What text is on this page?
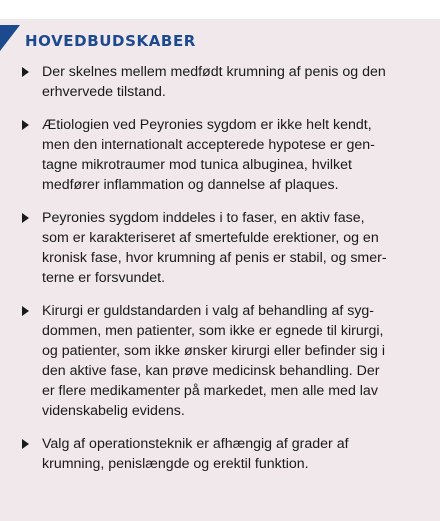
HOVEDBUDSKABER
Der skelnes mellem medfødt krumning af penis og den
erhvervede tilstand.
Ætiologien ved Peyronies sygdom er ikke helt kendt,
men den internationalt accepterede hypotese er gen-
tagne mikrotraumer mod tunica albuginea, hvilket
medfører inflammation og dannelse af plaques.
Peyronies sygdom inddeles i to faser, en aktiv fase,
som er karakteriseret af smertefulde erektioner, og en
kronisk fase, hvor krumning af penis er stabil, og smer-
terne er forsvundet.
Kirurgi er guldstandarden i valg af behandling af syg-
dommen, men patienter, som ikke er egnede til kirurgi,
og patienter, som ikke ønsker kirurgi eller befinder sig i
den aktive fase, kan prøve medicinsk behandling. Der
er flere medikamenter på markedet, men alle med lav
videnskabelig evidens.
Valg af operationsteknik er afhængig af grader af
krumning, penislængde og erektil funktion.
